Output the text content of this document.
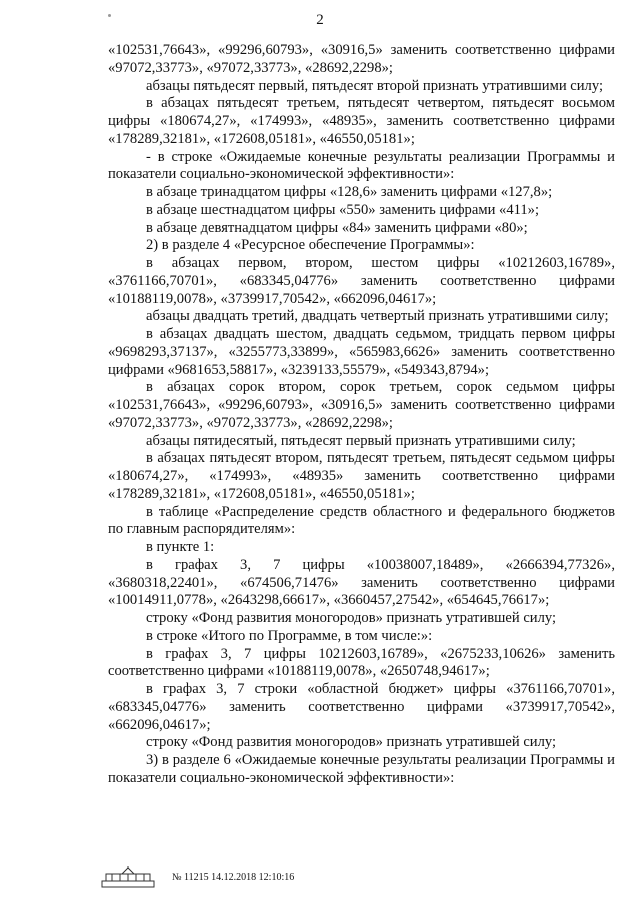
2

«102531,76643», «99296,60793», «30916,5» заменить соответственно цифрами «97072,33773», «97072,33773», «28692,2298»;

абзацы пятьдесят первый, пятьдесят второй признать утратившими силу;

в абзацах пятьдесят третьем, пятьдесят четвертом, пятьдесят восьмом цифры «180674,27», «174993», «48935», заменить соответственно цифрами «178289,32181», «172608,05181», «46550,05181»;

- в строке «Ожидаемые конечные результаты реализации Программы и показатели социально-экономической эффективности»:

в абзаце тринадцатом цифры «128,6» заменить цифрами «127,8»;

в абзаце шестнадцатом цифры «550» заменить цифрами «411»;

в абзаце девятнадцатом цифры «84» заменить цифрами «80»;

2) в разделе 4 «Ресурсное обеспечение Программы»:

в абзацах первом, втором, шестом цифры «10212603,16789», «3761166,70701», «683345,04776» заменить соответственно цифрами «10188119,0078», «3739917,70542», «662096,04617»;

абзацы двадцать третий, двадцать четвертый признать утратившими силу;

в абзацах двадцать шестом, двадцать седьмом, тридцать первом цифры «9698293,37137», «3255773,33899», «565983,6626» заменить соответственно цифрами «9681653,58817», «3239133,55579», «549343,8794»;

в абзацах сорок втором, сорок третьем, сорок седьмом цифры «102531,76643», «99296,60793», «30916,5» заменить соответственно цифрами «97072,33773», «97072,33773», «28692,2298»;

абзацы пятидесятый, пятьдесят первый признать утратившими силу;

в абзацах пятьдесят втором, пятьдесят третьем, пятьдесят седьмом цифры «180674,27», «174993», «48935» заменить соответственно цифрами «178289,32181», «172608,05181», «46550,05181»;

в таблице «Распределение средств областного и федерального бюджетов по главным распорядителям»:

в пункте 1:

в графах 3, 7 цифры «10038007,18489», «2666394,77326», «3680318,22401», «674506,71476» заменить соответственно цифрами «10014911,0778», «2643298,66617», «3660457,27542», «654645,76617»;

строку «Фонд развития моногородов» признать утратившей силу;

в строке «Итого по Программе, в том числе:»:

в графах 3, 7 цифры 10212603,16789», «2675233,10626» заменить соответственно цифрами «10188119,0078», «2650748,94617»;

в графах 3, 7 строки «областной бюджет» цифры «3761166,70701», «683345,04776» заменить соответственно цифрами «3739917,70542», «662096,04617»;

строку «Фонд развития моногородов» признать утратившей силу;

3) в разделе 6 «Ожидаемые конечные результаты реализации Программы и показатели социально-экономической эффективности»:

№ 11215 14.12.2018 12:10:16
